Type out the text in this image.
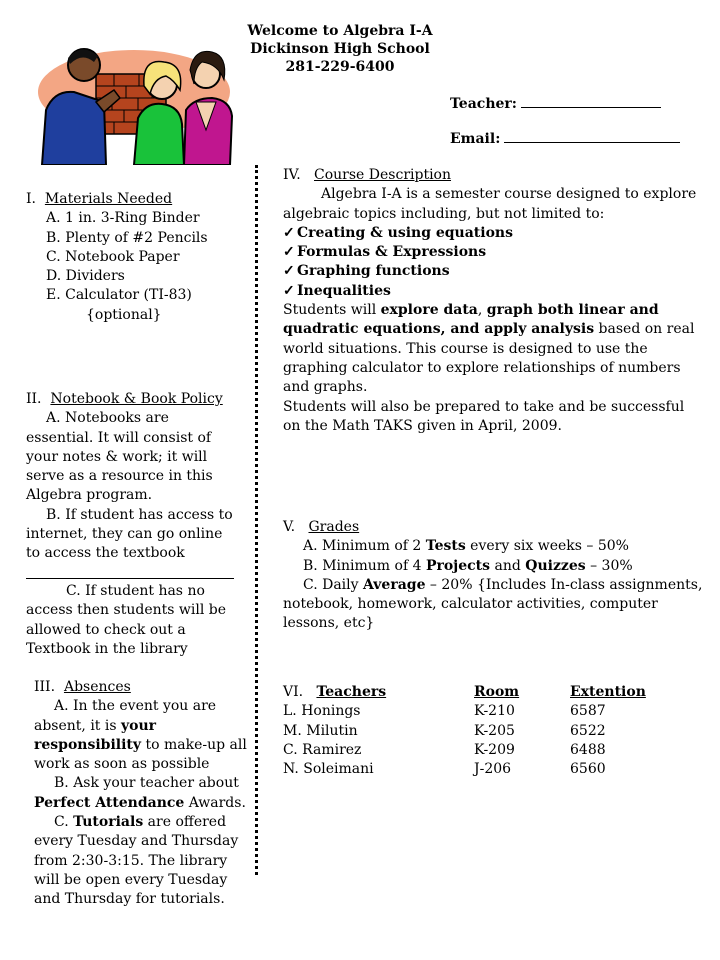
Welcome to Algebra I-A
Dickinson High School
281-229-6400
Teacher:
Email:
I. Materials Needed
A. 1 in. 3-Ring Binder
B. Plenty of #2 Pencils
C. Notebook Paper
D. Dividers
E. Calculator (TI-83)
{optional}
II. Notebook & Book Policy
A. Notebooks are essential. It will consist of your notes & work; it will serve as a resource in this Algebra program.
B. If student has access to internet, they can go online to access the textbook
C. If student has no access then students will be allowed to check out a Textbook in the library
III. Absences
A. In the event you are absent, it is your responsibility to make-up all work as soon as possible
B. Ask your teacher about Perfect Attendance Awards.
C. Tutorials are offered every Tuesday and Thursday from 2:30-3:15. The library will be open every Tuesday and Thursday for tutorials.
IV. Course Description
Algebra I-A is a semester course designed to explore algebraic topics including, but not limited to:
✓ Creating & using equations
✓ Formulas & Expressions
✓ Graphing functions
✓ Inequalities
Students will explore data, graph both linear and quadratic equations, and apply analysis based on real world situations. This course is designed to use the graphing calculator to explore relationships of numbers and graphs.
Students will also be prepared to take and be successful on the Math TAKS given in April, 2009.
V. Grades
A. Minimum of 2 Tests every six weeks – 50%
B. Minimum of 4 Projects and Quizzes – 30%
C. Daily Average – 20% {Includes In-class assignments, notebook, homework, calculator activities, computer lessons, etc}
VI. Teachers	Room	Extention
L. Honings	K-210	6587
M. Milutin	K-205	6522
C. Ramirez	K-209	6488
N. Soleimani	J-206	6560
